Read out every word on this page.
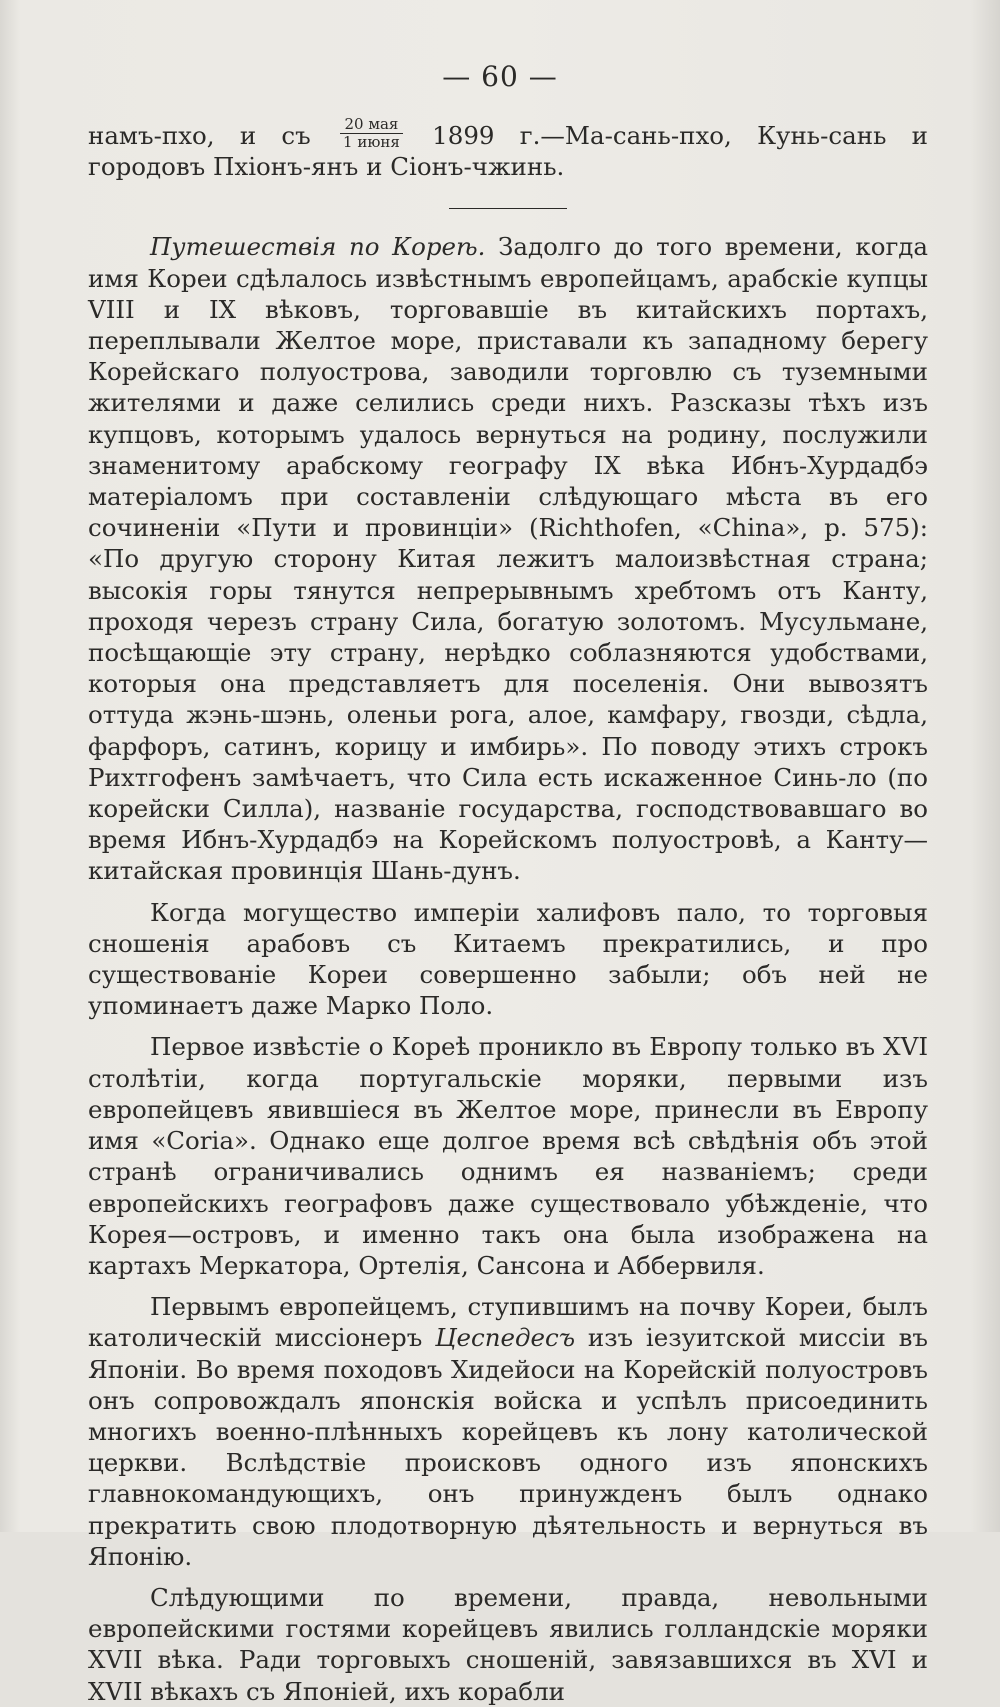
— 60 —

намъ-пхо, и съ $\frac{\text{20 мая}}{\text{1 июня}} 1899$ г.—Ма-сань-пхо, Кунь-сань и городовъ Пхіонъ-янъ и Сіонъ-чжинь.

Путешествія по Кореѣ. Задолго до того времени, когда имя Кореи сдѣлалось извѣстнымъ европейцамъ, арабскіе купцы VIII и IX вѣковъ, торговавшіе въ китайскихъ портахъ, переплывали Желтое море, приставали къ западному берегу Корейскаго полуострова, заводили торговлю съ туземными жителями и даже селились среди нихъ. Разсказы тѣхъ изъ купцовъ, которымъ удалось вернуться на родину, послужили знаменитому арабскому географу IX вѣка Ибнъ-Хурдадбэ матеріаломъ при составленіи слѣдующаго мѣста въ его сочиненіи «Пути и провинціи» (Richthofen, «China», p. 575): «По другую сторону Китая лежитъ малоизвѣстная страна; высокія горы тянутся непрерывнымъ хребтомъ отъ Канту, проходя черезъ страну Сила, богатую золотомъ. Мусульмане, посѣщающіе эту страну, нерѣдко соблазняются удобствами, которыя она представляетъ для поселенія. Они вывозятъ оттуда жэнь-шэнь, оленьи рога, алое, камфару, гвозди, сѣдла, фарфоръ, сатинъ, корицу и имбирь». По поводу этихъ строкъ Рихтгофенъ замѣчаетъ, что Сила есть искаженное Синь-ло (по корейски Силла), названіе государства, господствовавшаго во время Ибнъ-Хурдадбэ на Корейскомъ полуостровѣ, а Канту—китайская провинція Шань-дунъ.

Когда могущество имперіи халифовъ пало, то торговыя сношенія арабовъ съ Китаемъ прекратились, и про существованіе Кореи совершенно забыли; объ ней не упоминаетъ даже Марко Поло.

Первое извѣстіе о Кореѣ проникло въ Европу только въ XVI столѣтіи, когда португальскіе моряки, первыми изъ европейцевъ явившіеся въ Желтое море, принесли въ Европу имя «Coria». Однако еще долгое время всѣ свѣдѣнія объ этой странѣ ограничивались однимъ ея названіемъ; среди европейскихъ географовъ даже существовало убѣжденіе, что Корея—островъ, и именно такъ она была изображена на картахъ Меркатора, Ортелія, Сансона и Аббервиля.

Первымъ европейцемъ, ступившимъ на почву Кореи, былъ католическій миссіонеръ Цеспедесъ изъ іезуитской миссіи въ Японіи. Во время походовъ Хидейоси на Корейскій полуостровъ онъ сопровождалъ японскія войска и успѣлъ присоединить многихъ военно-плѣнныхъ корейцевъ къ лону католической церкви. Вслѣдствіе происковъ одного изъ японскихъ главнокомандующихъ, онъ принужденъ былъ однако прекратить свою плодотворную дѣятельность и вернуться въ Японію.

Слѣдующими по времени, правда, невольными европейскими гостями корейцевъ явились голландскіе моряки XVII вѣка. Ради торговыхъ сношеній, завязавшихся въ XVI и XVII вѣкахъ съ Японіей, ихъ корабли
